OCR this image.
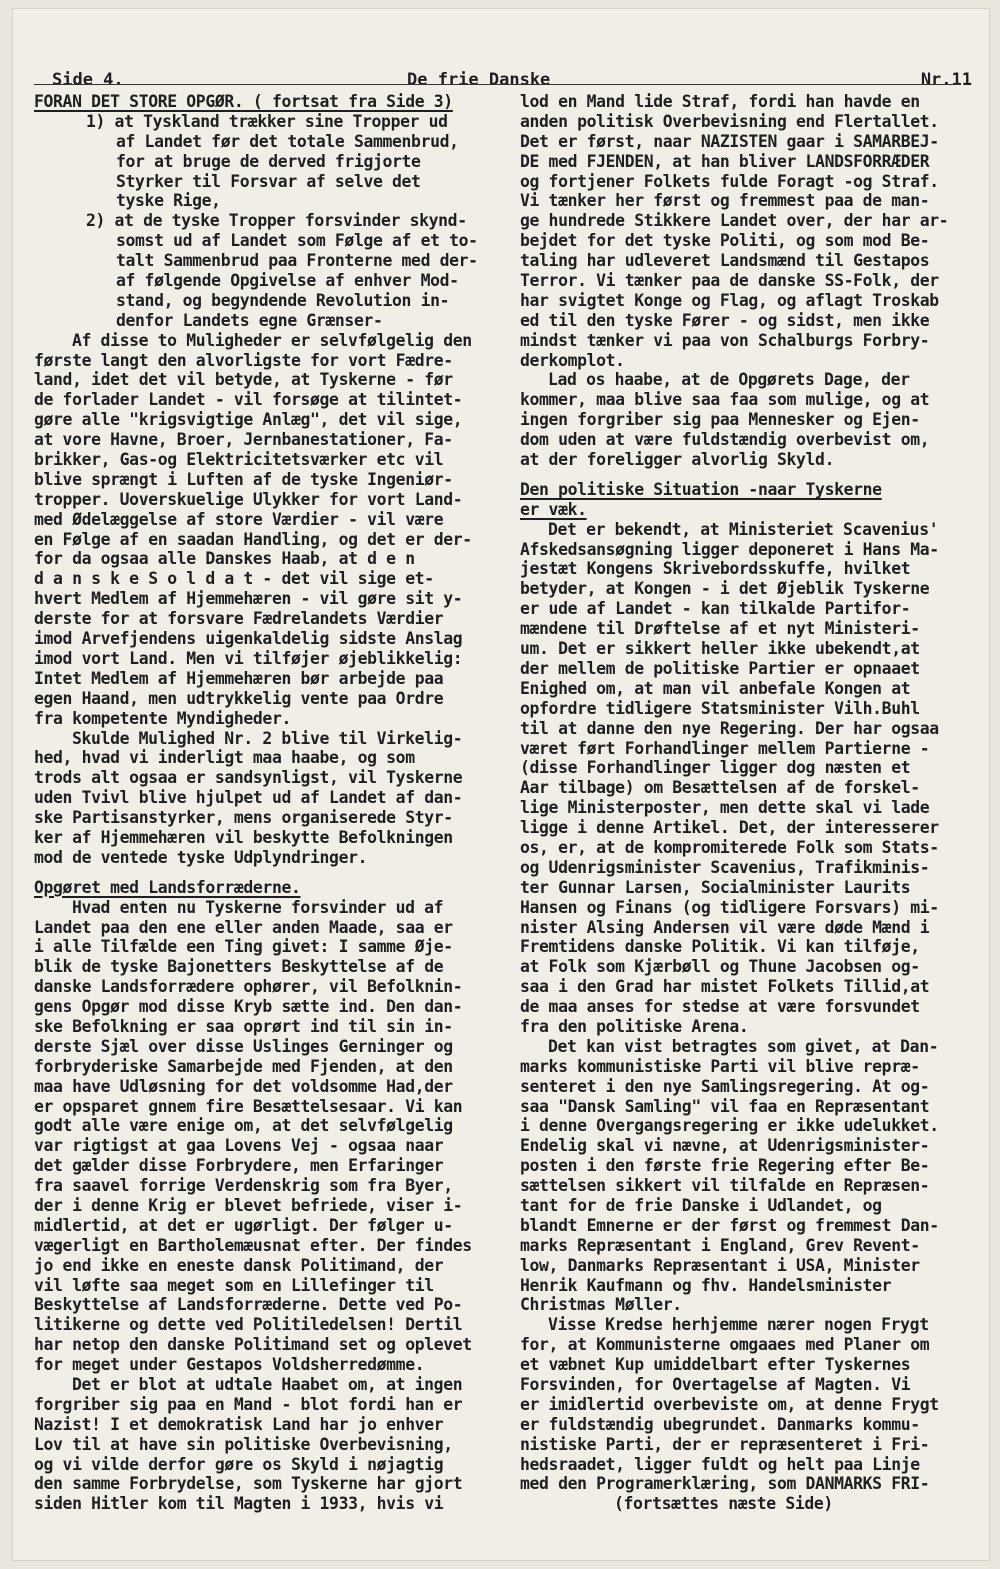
Side 4.	De frie Danske	Nr.11
FORAN DET STORE OPGØR. ( fortsat fra Side 3)
1) at Tyskland trækker sine Tropper ud
af Landet før det totale Sammenbrud,
for at bruge de derved frigjorte
Styrker til Forsvar af selve det
tyske Rige,
2) at de tyske Tropper forsvinder skynd-
somst ud af Landet som Følge af et to-
talt Sammenbrud paa Fronterne med der-
af følgende Opgivelse af enhver Mod-
stand, og begyndende Revolution in-
denfor Landets egne Grænser-
Af disse to Muligheder er selvfølgelig den
første langt den alvorligste for vort Fædre-
land, idet det vil betyde, at Tyskerne - før
de forlader Landet - vil forsøge at tilintet-
gøre alle "krigsvigtige Anlæg", det vil sige,
at vore Havne, Broer, Jernbanestationer, Fa-
brikker, Gas-og Elektricitetsværker etc vil
blive sprængt i Luften af de tyske Ingeniør-
tropper. Uoverskuelige Ulykker for vort Land-
med Ødelæggelse af store Værdier - vil være
en Følge af en saadan Handling, og det er der-
for da ogsaa alle Danskes Haab, at d e n
d a n s k e S o l d a t - det vil sige et-
hvert Medlem af Hjemmehæren - vil gøre sit y-
derste for at forsvare Fædrelandets Værdier
imod Arvefjendens uigenkaldelig sidste Anslag
imod vort Land. Men vi tilføjer øjeblikkelig:
Intet Medlem af Hjemmehæren bør arbejde paa
egen Haand, men udtrykkelig vente paa Ordre
fra kompetente Myndigheder.
Skulde Mulighed Nr. 2 blive til Virkelig-
hed, hvad vi inderligt maa haabe, og som
trods alt ogsaa er sandsynligst, vil Tyskerne
uden Tvivl blive hjulpet ud af Landet af dan-
ske Partisanstyrker, mens organiserede Styr-
ker af Hjemmehæren vil beskytte Befolkningen
mod de ventede tyske Udplyndringer.
Opgøret med Landsforræderne.
Hvad enten nu Tyskerne forsvinder ud af
Landet paa den ene eller anden Maade, saa er
i alle Tilfælde een Ting givet: I samme Øje-
blik de tyske Bajonetters Beskyttelse af de
danske Landsforrædere ophører, vil Befolknin-
gens Opgør mod disse Kryb sætte ind. Den dan-
ske Befolkning er saa oprørt ind til sin in-
derste Sjæl over disse Uslinges Gerninger og
forbryderiske Samarbejde med Fjenden, at den
maa have Udløsning for det voldsomme Had,der
er opsparet gnnem fire Besættelsesaar. Vi kan
godt alle være enige om, at det selvfølgelig
var rigtigst at gaa Lovens Vej - ogsaa naar
det gælder disse Forbrydere, men Erfaringer
fra saavel forrige Verdenskrig som fra Byer,
der i denne Krig er blevet befriede, viser i-
midlertid, at det er ugørligt. Der følger u-
vægerligt en Bartholemæusnat efter. Der findes
jo end ikke en eneste dansk Politimand, der
vil løfte saa meget som en Lillefinger til
Beskyttelse af Landsforræderne. Dette ved Po-
litikerne og dette ved Politiledelsen! Dertil
har netop den danske Politimand set og oplevet
for meget under Gestapos Voldsherredømme.
Det er blot at udtale Haabet om, at ingen
forgriber sig paa en Mand - blot fordi han er
Nazist! I et demokratisk Land har jo enhver
Lov til at have sin politiske Overbevisning,
og vi vilde derfor gøre os Skyld i nøjagtig
den samme Forbrydelse, som Tyskerne har gjort
siden Hitler kom til Magten i 1933, hvis vi
lod en Mand lide Straf, fordi han havde en
anden politisk Overbevisning end Flertallet.
Det er først, naar NAZISTEN gaar i SAMARBEJ-
DE med FJENDEN, at han bliver LANDSFORRÆDER
og fortjener Folkets fulde Foragt -og Straf.
Vi tænker her først og fremmest paa de man-
ge hundrede Stikkere Landet over, der har ar-
bejdet for det tyske Politi, og som mod Be-
taling har udleveret Landsmænd til Gestapos
Terror. Vi tænker paa de danske SS-Folk, der
har svigtet Konge og Flag, og aflagt Troskab
ed til den tyske Fører - og sidst, men ikke
mindst tænker vi paa von Schalburgs Forbry-
derkomplot.
Lad os haabe, at de Opgørets Dage, der
kommer, maa blive saa faa som mulige, og at
ingen forgriber sig paa Mennesker og Ejen-
dom uden at være fuldstændig overbevist om,
at der foreligger alvorlig Skyld.
Den politiske Situation -naar Tyskerne
er væk.
Det er bekendt, at Ministeriet Scavenius'
Afskedsansøgning ligger deponeret i Hans Ma-
jestæt Kongens Skrivebordsskuffe, hvilket
betyder, at Kongen - i det Øjeblik Tyskerne
er ude af Landet - kan tilkalde Partifor-
mændene til Drøftelse af et nyt Ministeri-
um. Det er sikkert heller ikke ubekendt,at
der mellem de politiske Partier er opnaaet
Enighed om, at man vil anbefale Kongen at
opfordre tidligere Statsminister Vilh.Buhl
til at danne den nye Regering. Der har ogsaa
været ført Forhandlinger mellem Partierne -
(disse Forhandlinger ligger dog næsten et
Aar tilbage) om Besættelsen af de forskel-
lige Ministerposter, men dette skal vi lade
ligge i denne Artikel. Det, der interesserer
os, er, at de kompromiterede Folk som Stats-
og Udenrigsminister Scavenius, Trafikminis-
ter Gunnar Larsen, Socialminister Laurits
Hansen og Finans (og tidligere Forsvars) mi-
nister Alsing Andersen vil være døde Mænd i
Fremtidens danske Politik. Vi kan tilføje,
at Folk som Kjærbøll og Thune Jacobsen og-
saa i den Grad har mistet Folkets Tillid,at
de maa anses for stedse at være forsvundet
fra den politiske Arena.
Det kan vist betragtes som givet, at Dan-
marks kommunistiske Parti vil blive repræ-
senteret i den nye Samlingsregering. At og-
saa "Dansk Samling" vil faa en Repræsentant
i denne Overgangsregering er ikke udelukket.
Endelig skal vi nævne, at Udenrigsminister-
posten i den første frie Regering efter Be-
sættelsen sikkert vil tilfalde en Repræsen-
tant for de frie Danske i Udlandet, og
blandt Emnerne er der først og fremmest Dan-
marks Repræsentant i England, Grev Revent-
low, Danmarks Repræsentant i USA, Minister
Henrik Kaufmann og fhv. Handelsminister
Christmas Møller.
Visse Kredse herhjemme nærer nogen Frygt
for, at Kommunisterne omgaaes med Planer om
et væbnet Kup umiddelbart efter Tyskernes
Forsvinden, for Overtagelse af Magten. Vi
er imidlertid overbeviste om, at denne Frygt
er fuldstændig ubegrundet. Danmarks kommu-
nistiske Parti, der er repræsenteret i Fri-
hedsraadet, ligger fuldt og helt paa Linje
med den Programerklæring, som DANMARKS FRI-
(fortsættes næste Side)
